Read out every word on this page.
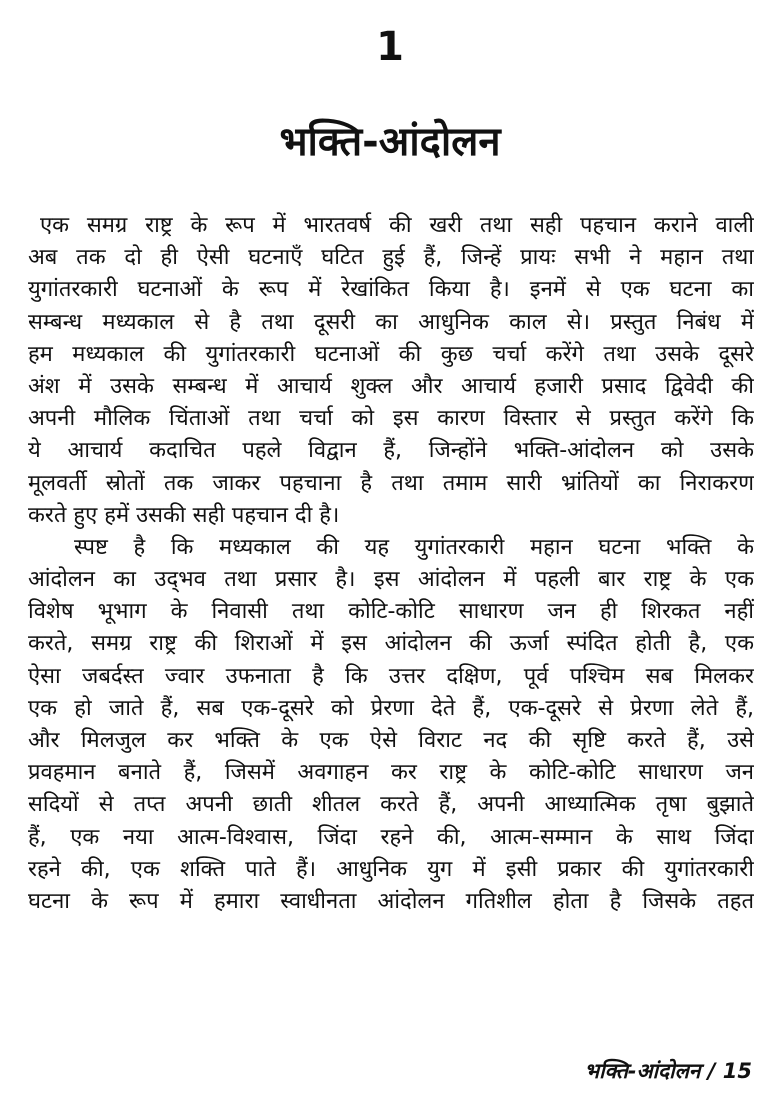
1
भक्ति-आंदोलन
एक समग्र राष्ट्र के रूप में भारतवर्ष की खरी तथा सही पहचान कराने वाली
अब तक दो ही ऐसी घटनाएँ घटित हुई हैं, जिन्हें प्रायः सभी ने महान तथा
युगांतरकारी घटनाओं के रूप में रेखांकित किया है। इनमें से एक घटना का
सम्बन्ध मध्यकाल से है तथा दूसरी का आधुनिक काल से। प्रस्तुत निबंध में
हम मध्यकाल की युगांतरकारी घटनाओं की कुछ चर्चा करेंगे तथा उसके दूसरे
अंश में उसके सम्बन्ध में आचार्य शुक्ल और आचार्य हजारी प्रसाद द्विवेदी की
अपनी मौलिक चिंताओं तथा चर्चा को इस कारण विस्तार से प्रस्तुत करेंगे कि
ये आचार्य कदाचित पहले विद्वान हैं, जिन्होंने भक्ति-आंदोलन को उसके
मूलवर्ती स्रोतों तक जाकर पहचाना है तथा तमाम सारी भ्रांतियों का निराकरण
करते हुए हमें उसकी सही पहचान दी है।
स्पष्ट है कि मध्यकाल की यह युगांतरकारी महान घटना भक्ति के
आंदोलन का उद्‍भव तथा प्रसार है। इस आंदोलन में पहली बार राष्ट्र के एक
विशेष भूभाग के निवासी तथा कोटि-कोटि साधारण जन ही शिरकत नहीं
करते, समग्र राष्ट्र की शिराओं में इस आंदोलन की ऊर्जा स्पंदित होती है, एक
ऐसा जबर्दस्त ज्वार उफनाता है कि उत्तर दक्षिण, पूर्व पश्चिम सब मिलकर
एक हो जाते हैं, सब एक-दूसरे को प्रेरणा देते हैं, एक-दूसरे से प्रेरणा लेते हैं,
और मिलजुल कर भक्ति के एक ऐसे विराट नद की सृष्टि करते हैं, उसे
प्रवहमान बनाते हैं, जिसमें अवगाहन कर राष्ट्र के कोटि-कोटि साधारण जन
सदियों से तप्त अपनी छाती शीतल करते हैं, अपनी आध्यात्मिक तृषा बुझाते
हैं, एक नया आत्म-विश्वास, जिंदा रहने की, आत्म-सम्मान के साथ जिंदा
रहने की, एक शक्ति पाते हैं। आधुनिक युग में इसी प्रकार की युगांतरकारी
घटना के रूप में हमारा स्वाधीनता आंदोलन गतिशील होता है जिसके तहत
भक्ति-आंदोलन / 15
